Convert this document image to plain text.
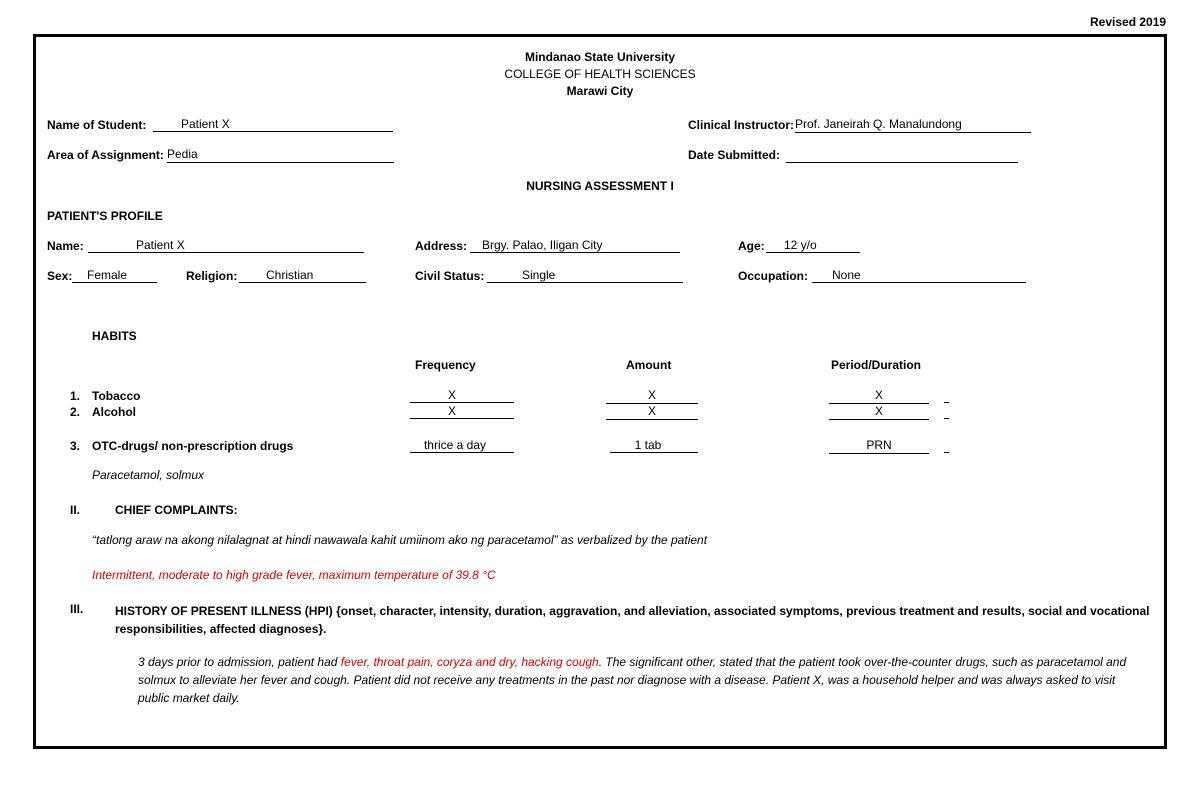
Revised 2019
Mindanao State University
COLLEGE OF HEALTH SCIENCES
Marawi City
Name of Student:	Patient X	Clinical Instructor: Prof. Janeirah Q. Manalundong
Area of Assignment: Pedia	Date Submitted:
NURSING ASSESSMENT I
PATIENT'S PROFILE
Name:	Patient X	Address:	Brgy. Palao, Iligan City	Age:	12 y/o
Sex:	Female	Religion:	Christian	Civil Status:	Single	Occupation:	None
HABITS
Frequency	Amount	Period/Duration
1. Tobacco	X	X	X
2. Alcohol	X	X	X
3. OTC-drugs/ non-prescription drugs	thrice a day	1 tab	PRN
Paracetamol, solmux
II.	CHIEF COMPLAINTS:
“tatlong araw na akong nilalagnat at hindi nawawala kahit umiinom ako ng paracetamol” as verbalized by the patient
Intermittent, moderate to high grade fever, maximum temperature of 39.8 °C
III.	HISTORY OF PRESENT ILLNESS (HPI) {onset, character, intensity, duration, aggravation, and alleviation, associated symptoms, previous treatment and results, social and vocational responsibilities, affected diagnoses}.
3 days prior to admission, patient had fever, throat pain, coryza and dry, hacking cough. The significant other, stated that the patient took over-the-counter drugs, such as paracetamol and solmux to alleviate her fever and cough. Patient did not receive any treatments in the past nor diagnose with a disease. Patient X, was a household helper and was always asked to visit public market daily.
